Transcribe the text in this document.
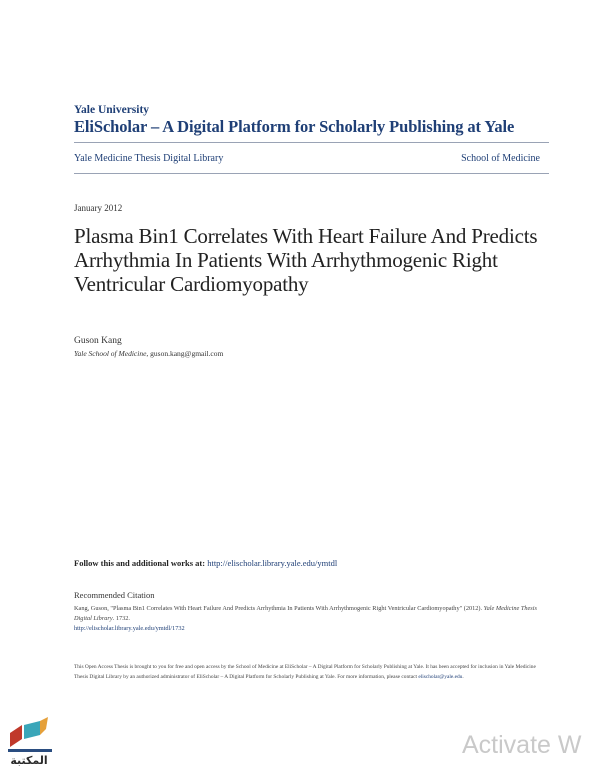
Yale University
EliScholar – A Digital Platform for Scholarly Publishing at Yale
Yale Medicine Thesis Digital Library	School of Medicine
January 2012
Plasma Bin1 Correlates With Heart Failure And Predicts Arrhythmia In Patients With Arrhythmogenic Right Ventricular Cardiomyopathy
Guson Kang
Yale School of Medicine, guson.kang@gmail.com
Follow this and additional works at: http://elischolar.library.yale.edu/ymtdl
Recommended Citation
Kang, Guson, "Plasma Bin1 Correlates With Heart Failure And Predicts Arrhythmia In Patients With Arrhythmogenic Right Ventricular Cardiomyopathy" (2012). Yale Medicine Thesis Digital Library. 1732.
http://elischolar.library.yale.edu/ymtdl/1732
This Open Access Thesis is brought to you for free and open access by the School of Medicine at EliScholar – A Digital Platform for Scholarly Publishing at Yale. It has been accepted for inclusion in Yale Medicine Thesis Digital Library by an authorized administrator of EliScholar – A Digital Platform for Scholarly Publishing at Yale. For more information, please contact elischolar@yale.edu.
المكتبة
Activate W
